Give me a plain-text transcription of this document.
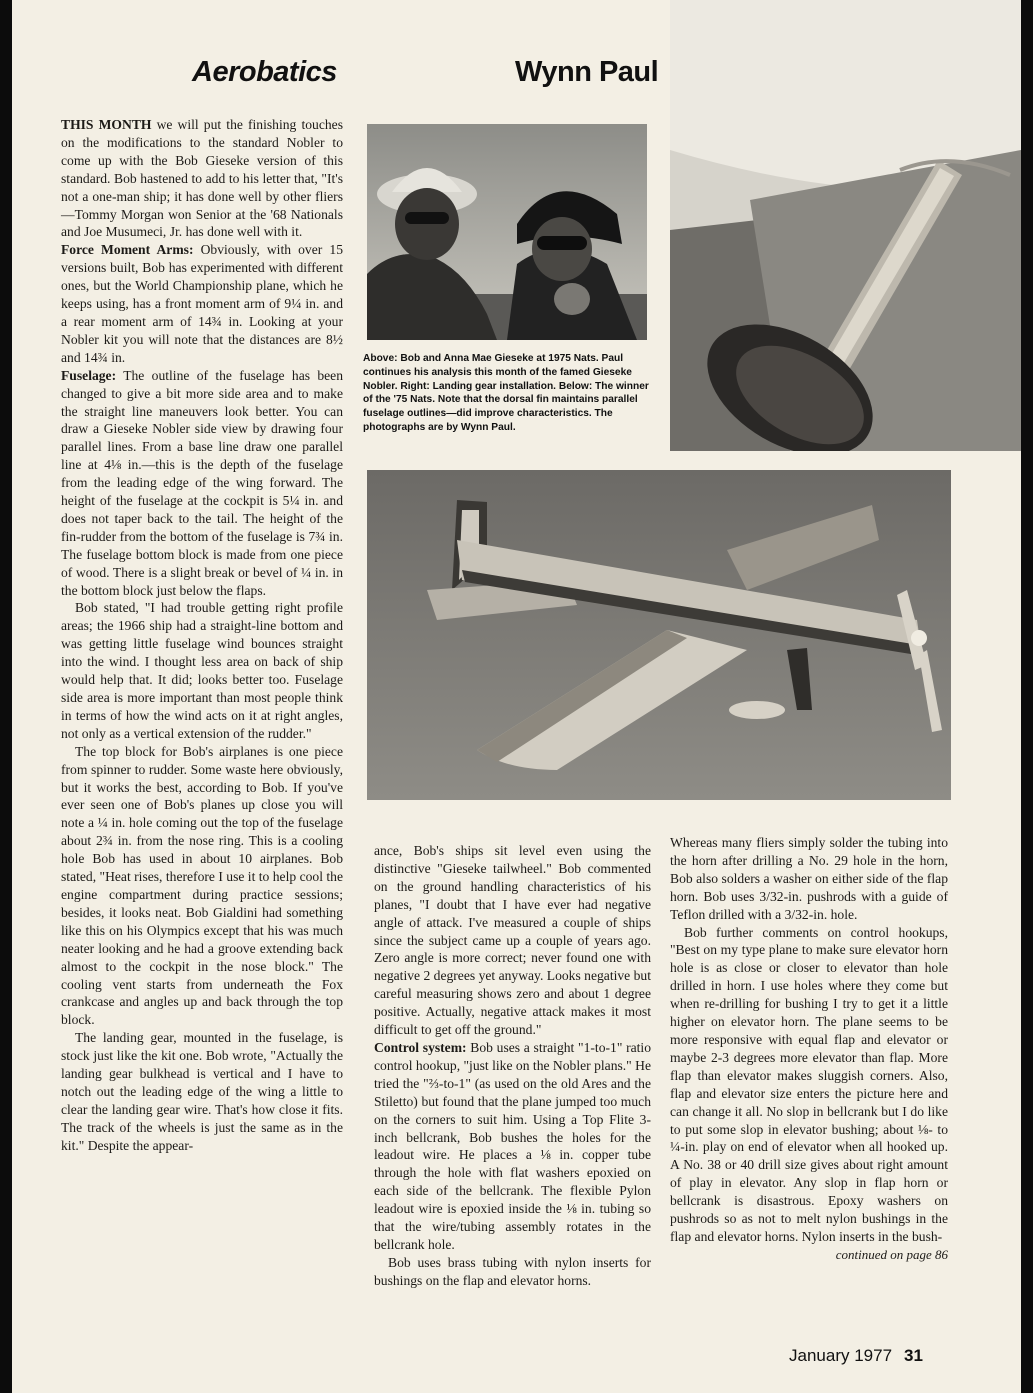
Aerobatics	Wynn Paul
Above: Bob and Anna Mae Gieseke at 1975 Nats. Paul continues his analysis this month of the famed Gieseke Nobler. Right: Landing gear installation. Below: The winner of the '75 Nats. Note that the dorsal fin maintains parallel fuselage outlines—did improve characteristics. The photographs are by Wynn Paul.

THIS MONTH we will put the finishing touches on the modifications to the standard Nobler to come up with the Bob Gieseke version of this standard. Bob hastened to add to his letter that, "It's not a one-man ship; it has done well by other fliers—Tommy Morgan won Senior at the '68 Nationals and Joe Musumeci, Jr. has done well with it.

Force Moment Arms: Obviously, with over 15 versions built, Bob has experimented with different ones, but the World Championship plane, which he keeps using, has a front moment arm of 9¼ in. and a rear moment arm of 14¾ in. Looking at your Nobler kit you will note that the distances are 8½ and 14¾ in.

Fuselage: The outline of the fuselage has been changed to give a bit more side area and to make the straight line maneuvers look better. You can draw a Gieseke Nobler side view by drawing four parallel lines. From a base line draw one parallel line at 4⅛ in.—this is the depth of the fuselage from the leading edge of the wing forward. The height of the fuselage at the cockpit is 5¼ in. and does not taper back to the tail. The height of the fin-rudder from the bottom of the fuselage is 7¾ in. The fuselage bottom block is made from one piece of wood. There is a slight break or bevel of ¼ in. in the bottom block just below the flaps.

Bob stated, "I had trouble getting right profile areas; the 1966 ship had a straight-line bottom and was getting little fuselage wind bounces straight into the wind. I thought less area on back of ship would help that. It did; looks better too. Fuselage side area is more important than most people think in terms of how the wind acts on it at right angles, not only as a vertical extension of the rudder."

The top block for Bob's airplanes is one piece from spinner to rudder. Some waste here obviously, but it works the best, according to Bob. If you've ever seen one of Bob's planes up close you will note a ¼ in. hole coming out the top of the fuselage about 2¾ in. from the nose ring. This is a cooling hole Bob has used in about 10 airplanes. Bob stated, "Heat rises, therefore I use it to help cool the engine compartment during practice sessions; besides, it looks neat. Bob Gialdini had something like this on his Olympics except that his was much neater looking and he had a groove extending back almost to the cockpit in the nose block." The cooling vent starts from underneath the Fox crankcase and angles up and back through the top block.

The landing gear, mounted in the fuselage, is stock just like the kit one. Bob wrote, "Actually the landing gear bulkhead is vertical and I have to notch out the leading edge of the wing a little to clear the landing gear wire. That's how close it fits. The track of the wheels is just the same as in the kit." Despite the appear-

ance, Bob's ships sit level even using the distinctive "Gieseke tailwheel." Bob commented on the ground handling characteristics of his planes, "I doubt that I have ever had negative angle of attack. I've measured a couple of ships since the subject came up a couple of years ago. Zero angle is more correct; never found one with negative 2 degrees yet anyway. Looks negative but careful measuring shows zero and about 1 degree positive. Actually, negative attack makes it most difficult to get off the ground."

Control system: Bob uses a straight "1-to-1" ratio control hookup, "just like on the Nobler plans." He tried the "⅔-to-1" (as used on the old Ares and the Stiletto) but found that the plane jumped too much on the corners to suit him. Using a Top Flite 3-inch bellcrank, Bob bushes the holes for the leadout wire. He places a ⅛ in. copper tube through the hole with flat washers epoxied on each side of the bellcrank. The flexible Pylon leadout wire is epoxied inside the ⅛ in. tubing so that the wire/tubing assembly rotates in the bellcrank hole.

Bob uses brass tubing with nylon inserts for bushings on the flap and elevator horns.

Whereas many fliers simply solder the tubing into the horn after drilling a No. 29 hole in the horn, Bob also solders a washer on either side of the flap horn. Bob uses 3/32-in. pushrods with a guide of Teflon drilled with a 3/32-in. hole.

Bob further comments on control hookups, "Best on my type plane to make sure elevator horn hole is as close or closer to elevator than hole drilled in horn. I use holes where they come but when re-drilling for bushing I try to get it a little higher on elevator horn. The plane seems to be more responsive with equal flap and elevator or maybe 2-3 degrees more elevator than flap. More flap than elevator makes sluggish corners. Also, flap and elevator size enters the picture here and can change it all. No slop in bellcrank but I do like to put some slop in elevator bushing; about ⅛- to ¼-in. play on end of elevator when all hooked up. A No. 38 or 40 drill size gives about right amount of play in elevator. Any slop in flap horn or bellcrank is disastrous. Epoxy washers on pushrods so as not to melt nylon bushings in the flap and elevator horns. Nylon inserts in the bush-

continued on page 86
January 1977 31
